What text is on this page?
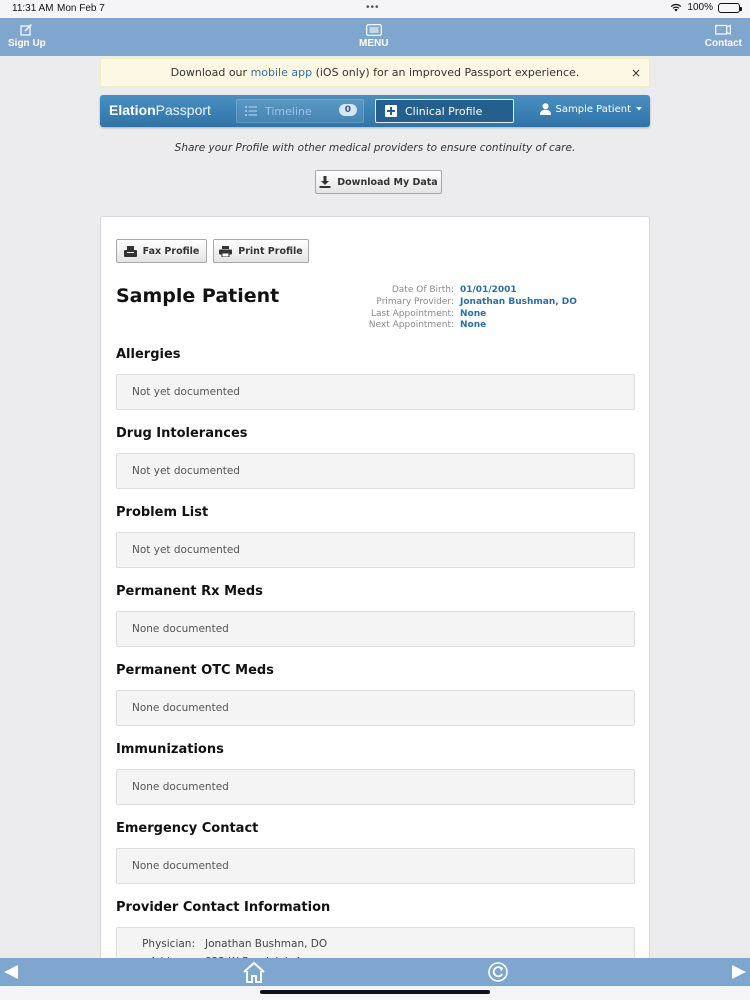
11:31 AM Mon Feb 7	•••	100%
Sign Up	MENU	Contact
Download our mobile app (iOS only) for an improved Passport experience.	×
ElationPassport	Timeline	0	Clinical Profile	Sample Patient
Share your Profile with other medical providers to ensure continuity of care.
Download My Data
Fax Profile	Print Profile
Sample Patient	Date Of Birth: 01/01/2001
Primary Provider: Jonathan Bushman, DO
Last Appointment: None
Next Appointment: None
Allergies
Not yet documented
Drug Intolerances
Not yet documented
Problem List
Not yet documented
Permanent Rx Meds
None documented
Permanent OTC Meds
None documented
Immunizations
None documented
Emergency Contact
None documented
Provider Contact Information
Physician: Jonathan Bushman, DO
